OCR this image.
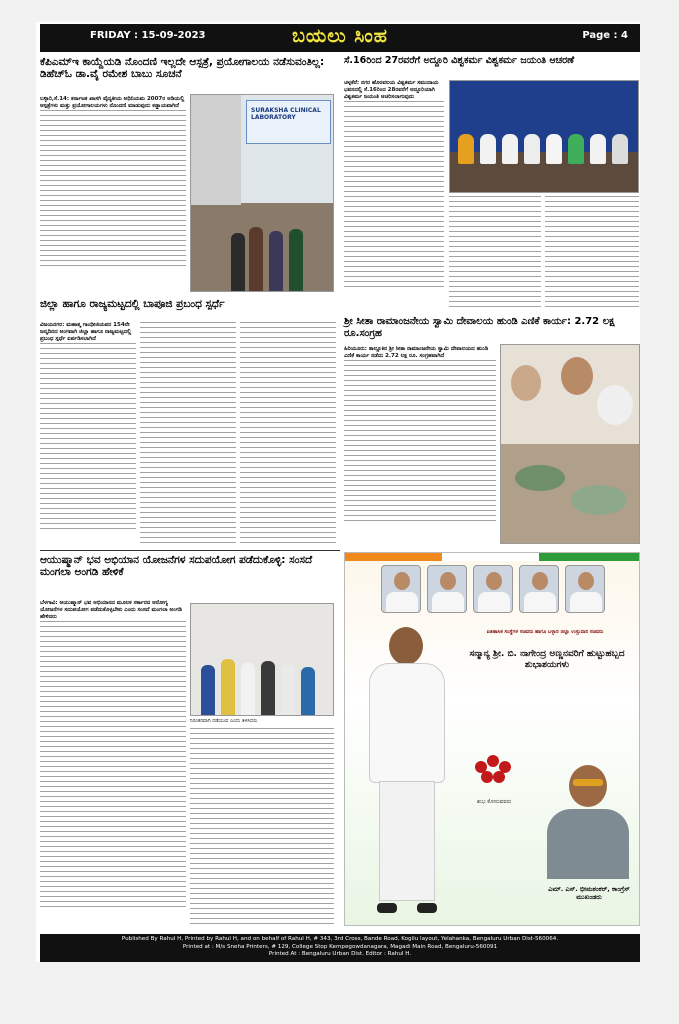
FRIDAY : 15-09-2023	ಬಯಲು ಸಿಂಹ	Page : 4
ಕೆಪಿಎಮ್‌ಇ ಕಾಯ್ದೆಯಡಿ ನೊಂದಣಿ ಇಲ್ಲದೇ ಆಸ್ಪತ್ರೆ, ಪ್ರಯೋಗಾಲಯ ನಡೆಸುವಂತಿಲ್ಲ: ಡಿಹೆಚ್‌ಓ ಡಾ.ವೈ ರಮೇಶ ಬಾಬು ಸೂಚನೆ
ಬಳ್ಳಾರಿ,ಸೆ.14: ಕರ್ನಾಟಕ ಖಾಸಗಿ ವೈದ್ಯಕೀಯ ಅಧಿನಿಯಮ 2007ರ ಅಡಿಯಲ್ಲಿ ಆಸ್ಪತ್ರೆಗಳು ಮತ್ತು ಪ್ರಯೋಗಾಲಯಗಳು ನೊಂದಣಿ ಮಾಡುವುದು ಕಡ್ಡಾಯವಾಗಿದೆ
SURAKSHA CLINICAL LABORATORY
ಸೆ.16ರಿಂದ 27ರವರೆಗೆ ಅದ್ದೂರಿ ವಿಶ್ವಕರ್ಮ ವಿಶ್ವಕರ್ಮ ಜಯಂತಿ ಆಚರಣೆ
ಚಳ್ಳಕೆರೆ: ನಗರ ಹೊರವಲಯ ವಿಶ್ವಕರ್ಮ ಸಮುದಾಯ ಭವನದಲ್ಲಿ ಸೆ.16ರಿಂದ 28ರವರೆಗೆ ಅದ್ದೂರಿಯಾಗಿ ವಿಶ್ವಕರ್ಮ ಜಯಂತಿ ಆಚರಿಸಲಾಗುವುದು
ಜಿಲ್ಲಾ ಹಾಗೂ ರಾಜ್ಯಮಟ್ಟದಲ್ಲಿ ಬಾಪೂಜಿ ಪ್ರಬಂಧ ಸ್ಪರ್ಧೆ
ವಿಜಯನಗರ: ಮಹಾತ್ಮ ಗಾಂಧೀಜಿಯವರ 154ನೇ ಜನ್ಮದಿನದ ಅಂಗವಾಗಿ ಜಿಲ್ಲಾ ಹಾಗೂ ರಾಜ್ಯಮಟ್ಟದಲ್ಲಿ ಪ್ರಬಂಧ ಸ್ಪರ್ಧೆ ಏರ್ಪಡಿಸಲಾಗಿದೆ
ಶ್ರೀ ಸೀತಾ ರಾಮಾಂಜನೇಯ ಸ್ವಾಮಿ ದೇವಾಲಯ ಹುಂಡಿ ಎಣಿಕೆ ಕಾರ್ಯ: 2.72 ಲಕ್ಷ ರೂ.ಸಂಗ್ರಹ
ಹಿರಿಯೂರು: ತಾಲ್ಲೂಕಿನ ಶ್ರೀ ಸೀತಾ ರಾಮಾಂಜನೇಯ ಸ್ವಾಮಿ ದೇವಾಲಯದ ಹುಂಡಿ ಎಣಿಕೆ ಕಾರ್ಯ ನಡೆದು 2.72 ಲಕ್ಷ ರೂ. ಸಂಗ್ರಹವಾಗಿದೆ
ಆಯುಷ್ಮಾನ್ ಭವ ಅಭಿಯಾನ ಯೋಜನೆಗಳ ಸದುಪಯೋಗ ಪಡೆದುಕೊಳ್ಳಿ: ಸಂಸದೆ ಮಂಗಲಾ ಅಂಗಡಿ ಹೇಳಿಕೆ
ಬೆಳಗಾವಿ: ಆಯುಷ್ಮಾನ್ ಭವ ಅಭಿಯಾನದ ಮೂಲಕ ಸರ್ಕಾರದ ಆರೋಗ್ಯ ಯೋಜನೆಗಳ ಸದುಪಯೋಗ ಪಡೆದುಕೊಳ್ಳಬೇಕು ಎಂದು ಸಂಸದೆ ಮಂಗಲಾ ಅಂಗಡಿ ಹೇಳಿದರು
ನಿರಂತರವಾಗಿ ನಡೆಯುವ ಎಂದು ತಿಳಿಸಿದರು
ಐತಿಹಾಸಿಕ ಸಂಸ್ಥೆಗಳ ಸಚಿವರು ಹಾಗೂ ಬಳ್ಳಾರಿ ಜಿಲ್ಲಾ ಉಸ್ತುವಾರಿ ಸಚಿವರು
ಸನ್ಮಾನ್ಯ ಶ್ರೀ. ಬಿ. ನಾಗೇಂದ್ರ ಅಣ್ಣನವರಿಗೆ ಹುಟ್ಟುಹಬ್ಬದ ಶುಭಾಶಯಗಳು
ಶುಭ ಕೋರುವವರು
ಎಮ್. ಎಸ್. ಭೀಮಶಂಕರ್, ಕಾಂಗ್ರೆಸ್ ಮುಖಂಡರು
Published By Rahul H, Printed by Rahul H, and on behalf of Rahul H, # 343, 3rd Cross, Bande Road, Kogilu layout, Yelahanka, Bengaluru Urban Dist-560064.
Printed at : M/s Sneha Printers, # 129, College Stop Kempegowdanagara, Magadi Main Road, Bengaluru-560091
Printed At : Bengaluru Urban Dist. Editor : Rahul H.
